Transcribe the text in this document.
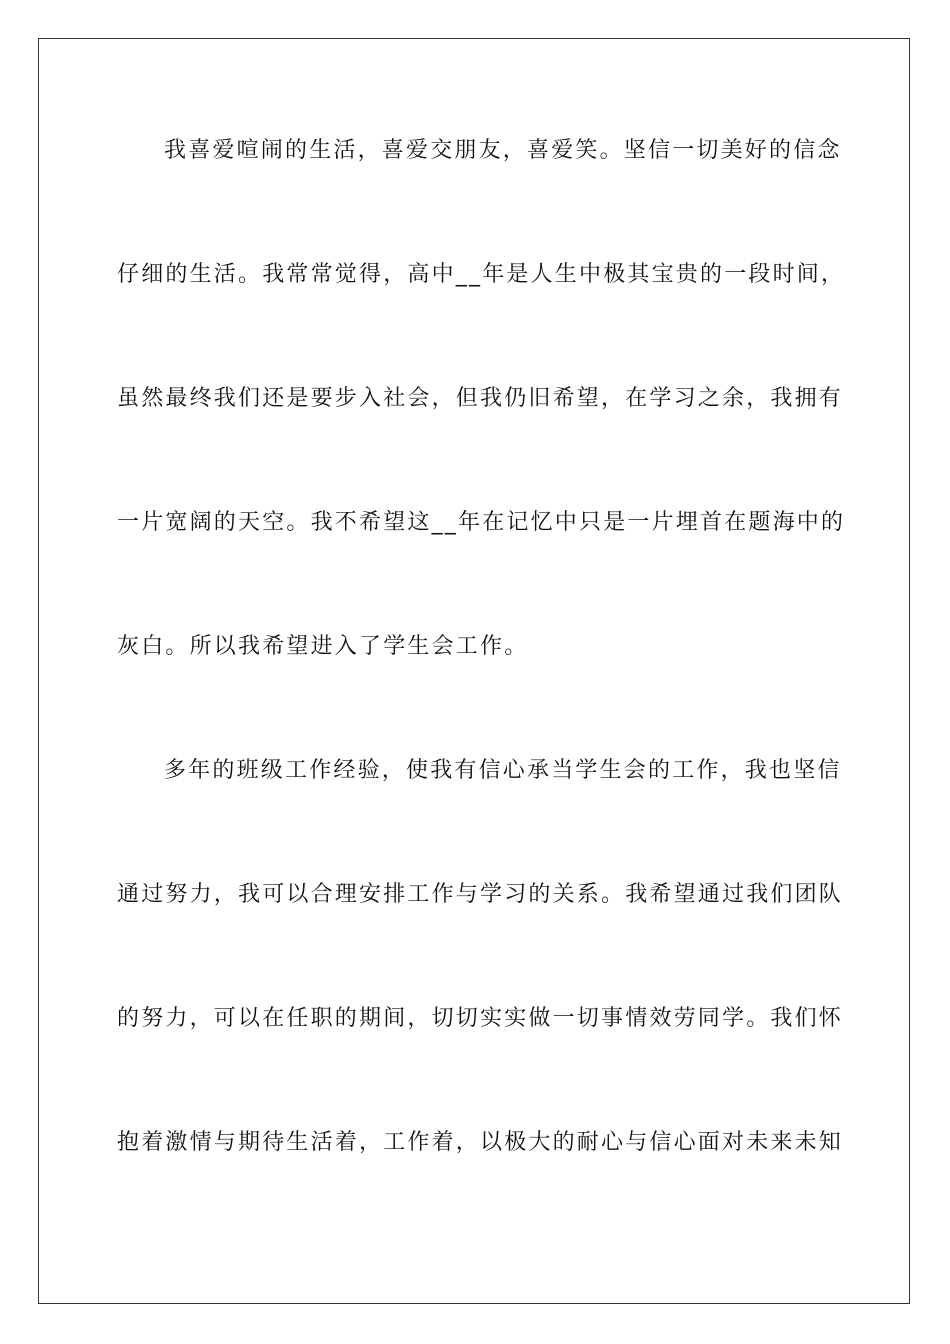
我喜爱喧闹的生活，喜爱交朋友，喜爱笑。坚信一切美好的信念
仔细的生活。我常常觉得，高中__年是人生中极其宝贵的一段时间，
虽然最终我们还是要步入社会，但我仍旧希望，在学习之余，我拥有
一片宽阔的天空。我不希望这__年在记忆中只是一片埋首在题海中的
灰白。所以我希望进入了学生会工作。
多年的班级工作经验，使我有信心承当学生会的工作，我也坚信
通过努力，我可以合理安排工作与学习的关系。我希望通过我们团队
的努力，可以在任职的期间，切切实实做一切事情效劳同学。我们怀
抱着激情与期待生活着，工作着，以极大的耐心与信心面对未来未知
